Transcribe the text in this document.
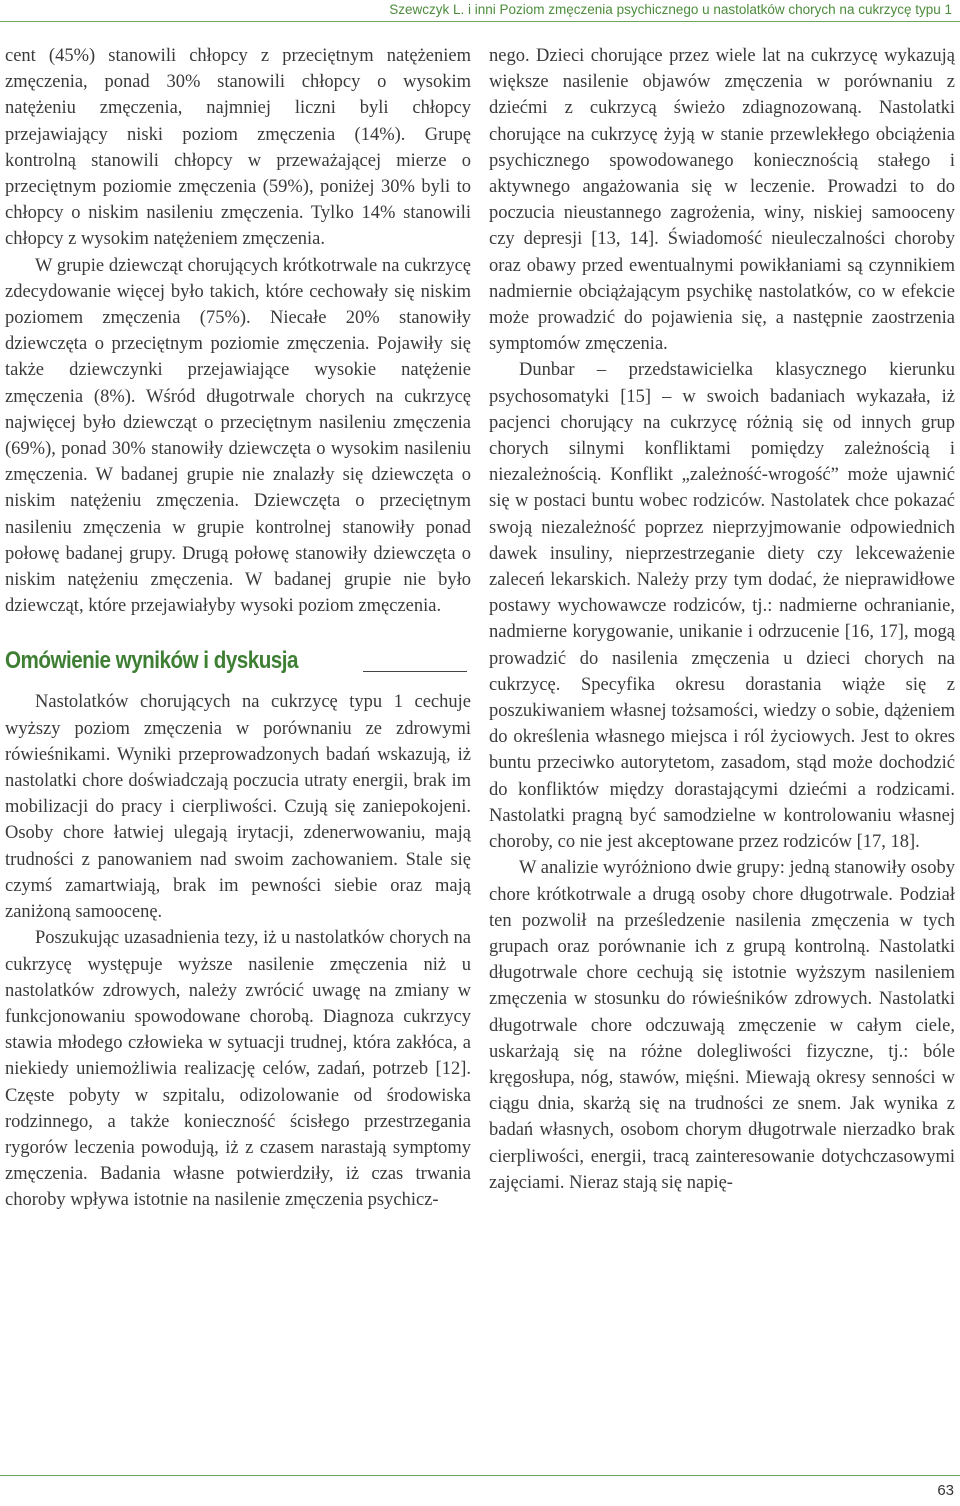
Szewczyk L. i inni Poziom zmęczenia psychicznego u nastolatków chorych na cukrzycę typu 1

cent (45%) stanowili chłopcy z przeciętnym natężeniem zmęczenia, ponad 30% stanowili chłopcy o wysokim natężeniu zmęczenia, najmniej liczni byli chłopcy przejawiający niski poziom zmęczenia (14%). Grupę kontrolną stanowili chłopcy w przeważającej mierze o przeciętnym poziomie zmęczenia (59%), poniżej 30% byli to chłopcy o niskim nasileniu zmęczenia. Tylko 14% stanowili chłopcy z wysokim natężeniem zmęczenia.

W grupie dziewcząt chorujących krótkotrwale na cukrzycę zdecydowanie więcej było takich, które cechowały się niskim poziomem zmęczenia (75%). Niecałe 20% stanowiły dziewczęta o przeciętnym poziomie zmęczenia. Pojawiły się także dziewczynki przejawiające wysokie natężenie zmęczenia (8%). Wśród długotrwale chorych na cukrzycę najwięcej było dziewcząt o przeciętnym nasileniu zmęczenia (69%), ponad 30% stanowiły dziewczęta o wysokim nasileniu zmęczenia. W badanej grupie nie znalazły się dziewczęta o niskim natężeniu zmęczenia. Dziewczęta o przeciętnym nasileniu zmęczenia w grupie kontrolnej stanowiły ponad połowę badanej grupy. Drugą połowę stanowiły dziewczęta o niskim natężeniu zmęczenia. W badanej grupie nie było dziewcząt, które przejawiałyby wysoki poziom zmęczenia.

Omówienie wyników i dyskusja

Nastolatków chorujących na cukrzycę typu 1 cechuje wyższy poziom zmęczenia w porównaniu ze zdrowymi rówieśnikami. Wyniki przeprowadzonych badań wskazują, iż nastolatki chore doświadczają poczucia utraty energii, brak im mobilizacji do pracy i cierpliwości. Czują się zaniepokojeni. Osoby chore łatwiej ulegają irytacji, zdenerwowaniu, mają trudności z panowaniem nad swoim zachowaniem. Stale się czymś zamartwiają, brak im pewności siebie oraz mają zaniżoną samoocenę.

Poszukując uzasadnienia tezy, iż u nastolatków chorych na cukrzycę występuje wyższe nasilenie zmęczenia niż u nastolatków zdrowych, należy zwrócić uwagę na zmiany w funkcjonowaniu spowodowane chorobą. Diagnoza cukrzycy stawia młodego człowieka w sytuacji trudnej, która zakłóca, a niekiedy uniemożliwia realizację celów, zadań, potrzeb [12]. Częste pobyty w szpitalu, odizolowanie od środowiska rodzinnego, a także konieczność ścisłego przestrzegania rygorów leczenia powodują, iż z czasem narastają symptomy zmęczenia. Badania własne potwierdziły, iż czas trwania choroby wpływa istotnie na nasilenie zmęczenia psychicz-

nego. Dzieci chorujące przez wiele lat na cukrzycę wykazują większe nasilenie objawów zmęczenia w porównaniu z dziećmi z cukrzycą świeżo zdiagnozowaną. Nastolatki chorujące na cukrzycę żyją w stanie przewlekłego obciążenia psychicznego spowodowanego koniecznością stałego i aktywnego angażowania się w leczenie. Prowadzi to do poczucia nieustannego zagrożenia, winy, niskiej samooceny czy depresji [13, 14]. Świadomość nieuleczalności choroby oraz obawy przed ewentualnymi powikłaniami są czynnikiem nadmiernie obciążającym psychikę nastolatków, co w efekcie może prowadzić do pojawienia się, a następnie zaostrzenia symptomów zmęczenia.

Dunbar – przedstawicielka klasycznego kierunku psychosomatyki [15] – w swoich badaniach wykazała, iż pacjenci chorujący na cukrzycę różnią się od innych grup chorych silnymi konfliktami pomiędzy zależnością i niezależnością. Konflikt „zależność-wrogość” może ujawnić się w postaci buntu wobec rodziców. Nastolatek chce pokazać swoją niezależność poprzez nieprzyjmowanie odpowiednich dawek insuliny, nieprzestrzeganie diety czy lekceważenie zaleceń lekarskich. Należy przy tym dodać, że nieprawidłowe postawy wychowawcze rodziców, tj.: nadmierne ochranianie, nadmierne korygowanie, unikanie i odrzucenie [16, 17], mogą prowadzić do nasilenia zmęczenia u dzieci chorych na cukrzycę. Specyfika okresu dorastania wiąże się z poszukiwaniem własnej tożsamości, wiedzy o sobie, dążeniem do określenia własnego miejsca i ról życiowych. Jest to okres buntu przeciwko autorytetom, zasadom, stąd może dochodzić do konfliktów między dorastającymi dziećmi a rodzicami. Nastolatki pragną być samodzielne w kontrolowaniu własnej choroby, co nie jest akceptowane przez rodziców [17, 18].

W analizie wyróżniono dwie grupy: jedną stanowiły osoby chore krótkotrwale a drugą osoby chore długotrwale. Podział ten pozwolił na prześledzenie nasilenia zmęczenia w tych grupach oraz porównanie ich z grupą kontrolną. Nastolatki długotrwale chore cechują się istotnie wyższym nasileniem zmęczenia w stosunku do rówieśników zdrowych. Nastolatki długotrwale chore odczuwają zmęczenie w całym ciele, uskarżają się na różne dolegliwości fizyczne, tj.: bóle kręgosłupa, nóg, stawów, mięśni. Miewają okresy senności w ciągu dnia, skarżą się na trudności ze snem. Jak wynika z badań własnych, osobom chorym długotrwale nierzadko brak cierpliwości, energii, tracą zainteresowanie dotychczasowymi zajęciami. Nieraz stają się napię-

63
